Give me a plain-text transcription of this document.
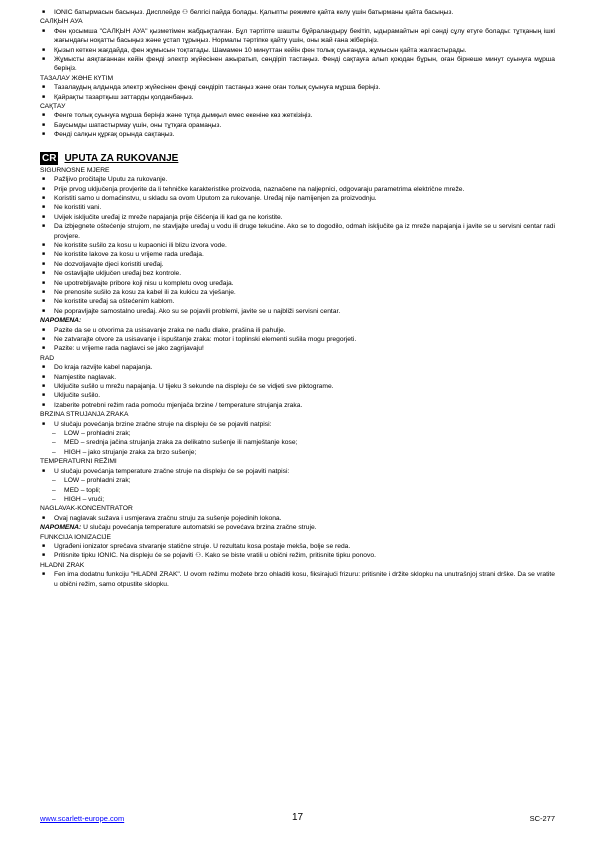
■ IONIC батырмасын басыңыз. Дисплейде ⚇ белгісі пайда болады. Қалыпты режимге қайта келу үшін батырманы қайта басыңыз.
САЛҚЫН АУА
■ Фен қосымша "САЛҚЫН АУА" қызметімен жабдықталған. Бұл тәртіпте шашты бұйраландыру бекітіп, ыдырамайтын әрі сәнді сұлу етуге болады: тұтқаның ішкі жағындағы ноқатты басыңыз және ұстап тұрыңыз. Нормалы тәртіпке қайту үшін, оны жай ғана жіберіңіз.
■ Қызып кеткен жағдайда, фен жұмысын тоқтатады. Шамамен 10 минуттан кейін фен толық суығанда, жұмысын қайта жалғастырады.
■ Жұмысты аяқтағаннан кейін фенді электр жүйесінен ажыратып, сөндіріп тастаңыз. Фенді сақтауға алып қоюдан бұрын, оған бірнеше минут суынуға мұрша беріңіз.
ТАЗАЛАУ ЖӘНЕ КҮТІМ
■ Тазалаудың алдында электр жүйесінен фенді сөндіріп тастаңыз және оған толық суынуға мұрша беріңіз.
■ Қайрақты тазартқыш заттарды қолданбаңыз.
САҚТАУ
■ Фенге толық суынуға мұрша беріңіз және тұтқа дымқыл емес екеніне көз жеткізіңіз.
■ Баусымды шатастырмау үшін, оны тұтқаға орамаңыз.
■ Фенді салқын құрғақ орында сақтаңыз.
CR UPUTA ZA RUKOVANJE
SIGURNOSNE MJERE
■ Pažljivo pročitajte Uputu za rukovanje.
■ Prije prvog uključenja provjerite da li tehničke karakteristike proizvoda, naznačene na naljepnici, odgovaraju parametrima električne mreže.
■ Koristiti samo u domaćinstvu, u skladu sa ovom Uputom za rukovanje. Uređaj nije namijenjen za proizvodnju.
■ Ne koristiti vani.
■ Uvijek isključite uređaj iz mreže napajanja prije čišćenja ili kad ga ne koristite.
■ Da izbjegnete oštećenje strujom, ne stavljajte uređaj u vodu ili druge tekućine. Ako se to dogodilo, odmah isključite ga iz mreže napajanja i javite se u servisni centar radi provjere.
■ Ne koristite sušilo za kosu u kupaonici ili blizu izvora vode.
■ Ne koristite lakove za kosu u vrijeme rada uređaja.
■ Ne dozvoljavajte djeci koristiti uređaj.
■ Ne ostavljajte uključen uređaj bez kontrole.
■ Ne upotrebljavajte pribore koji nisu u kompletu ovog uređaja.
■ Ne prenosite sušilo za kosu za kabel ili za kukicu za vješanje.
■ Ne koristite uređaj sa oštećenim kablom.
■ Ne popravljajte samostalno uređaj. Ako su se pojavili problemi, javite se u najbliži servisni centar.
NAPOMENA:
■ Pazite da se u otvorima za usisavanje zraka ne nađu dlake, prašina ili pahulje.
■ Ne zatvarajte otvore za usisavanje i ispuštanje zraka: motor i toplinski elementi sušila mogu pregorjeti.
■ Pazite: u vrijeme rada naglavci se jako zagrijavaju!
RAD
■ Do kraja razvijte kabel napajanja.
■ Namjestite naglavak.
■ Uključite sušilo u mrežu napajanja. U tijeku 3 sekunde na displeju će se vidjeti sve piktograme.
■ Uključite sušilo.
■ Izaberite potrebni režim rada pomoću mjenjača brzine / temperature strujanja zraka.
BRZINA STRUJANJA ZRAKA
■ U slučaju povećanja brzine zračne struje na displeju će se pojaviti natpisi:
– LOW – prohladni zrak;
– MED – srednja jačina strujanja zraka za delikatno sušenje ili namještanje kose;
– HIGH – jako strujanje zraka za brzo sušenje;
TEMPERATURNI REŽIMI
■ U slučaju povećanja temperature zračne struje na displeju će se pojaviti natpisi:
– LOW – prohladni zrak;
– MED – topli;
– HIGH – vrući;
NAGLAVAK-KONCENTRATOR
■ Ovaj naglavak sužava i usmjerava zračnu struju za sušenje pojedinih lokona.
NAPOMENA: U slučaju povećanja temperature automatski se povećava brzina zračne struje.
FUNKCIJA IONIZACIJE
■ Ugrađeni ionizator sprečava stvaranje statične struje. U rezultatu kosa postaje mekša, bolje se reda.
■ Pritisnite tipku IONIC. Na displeju će se pojaviti ⚇. Kako se biste vratili u obični režim, pritisnite tipku ponovo.
HLADNI ZRAK
■ Fen ima dodatnu funkciju "HLADNI ZRAK". U ovom režimu možete brzo ohladiti kosu, fiksirajući frizuru: pritisnite i držite sklopku na unutrašnjoj strani drške. Da se vratite u obični režim, samo otpustite sklopku.
www.scarlett-europe.com	17	SC-277
